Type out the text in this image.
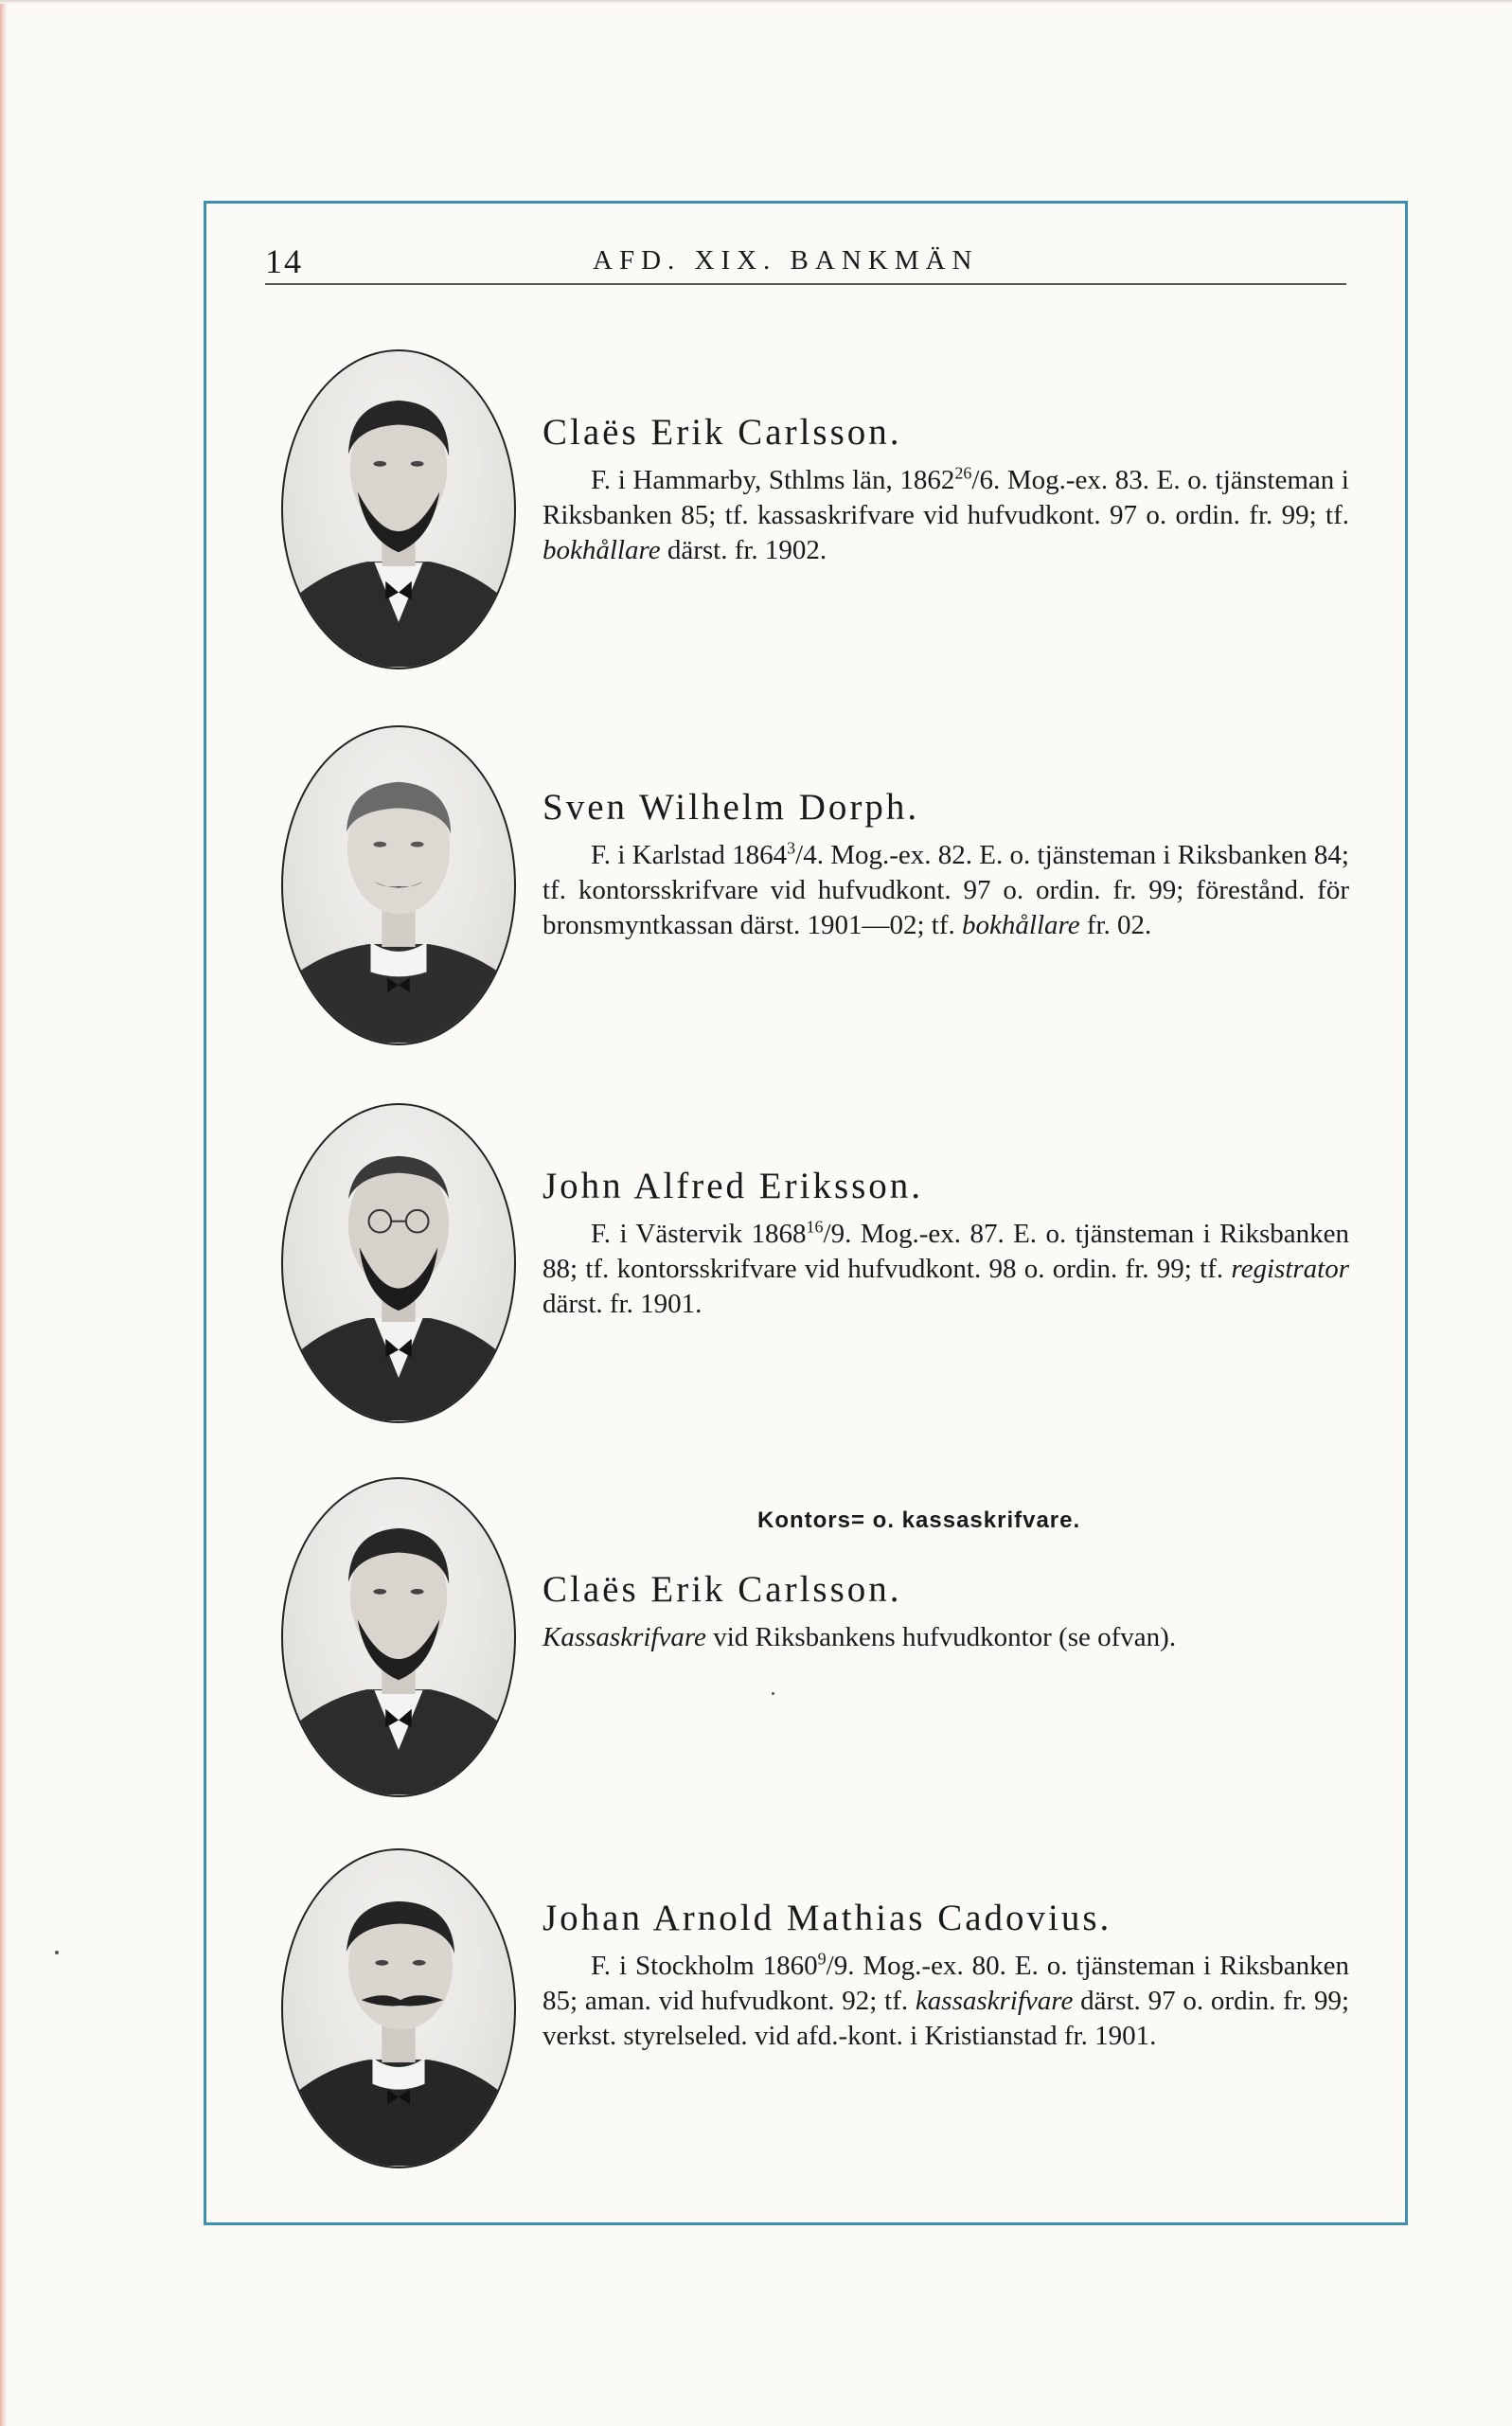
14	AFD. XIX. BANKMÄN
Claës Erik Carlsson.

F. i Hammarby, Sthlms län, 1862$^{26}$/6. Mog.-ex. 83. E. o. tjänsteman i Riksbanken 85; tf. kassaskrifvare vid hufvudkont. 97 o. ordin. fr. 99; tf. bokhållare därst. fr. 1902.

Sven Wilhelm Dorph.

F. i Karlstad 1864$^3$/4. Mog.-ex. 82. E. o. tjänsteman i Riksbanken 84; tf. kontorsskrifvare vid hufvudkont. 97 o. ordin. fr. 99; förestånd. för bronsmyntkassan därst. 1901—02; tf. bokhållare fr. 02.

John Alfred Eriksson.

F. i Västervik 1868$^{16}$/9. Mog.-ex. 87. E. o. tjänsteman i Riksbanken 88; tf. kontorsskrifvare vid hufvudkont. 98 o. ordin. fr. 99; tf. registrator därst. fr. 1901.

Kontors= o. kassaskrifvare.
Claës Erik Carlsson.

Kassaskrifvare vid Riksbankens hufvudkontor (se ofvan).

Johan Arnold Mathias Cadovius.

F. i Stockholm 1860$^9$/9. Mog.-ex. 80. E. o. tjänsteman i Riksbanken 85; aman. vid hufvudkont. 92; tf. kassaskrifvare därst. 97 o. ordin. fr. 99; verkst. styrelseled. vid afd.-kont. i Kristianstad fr. 1901.
